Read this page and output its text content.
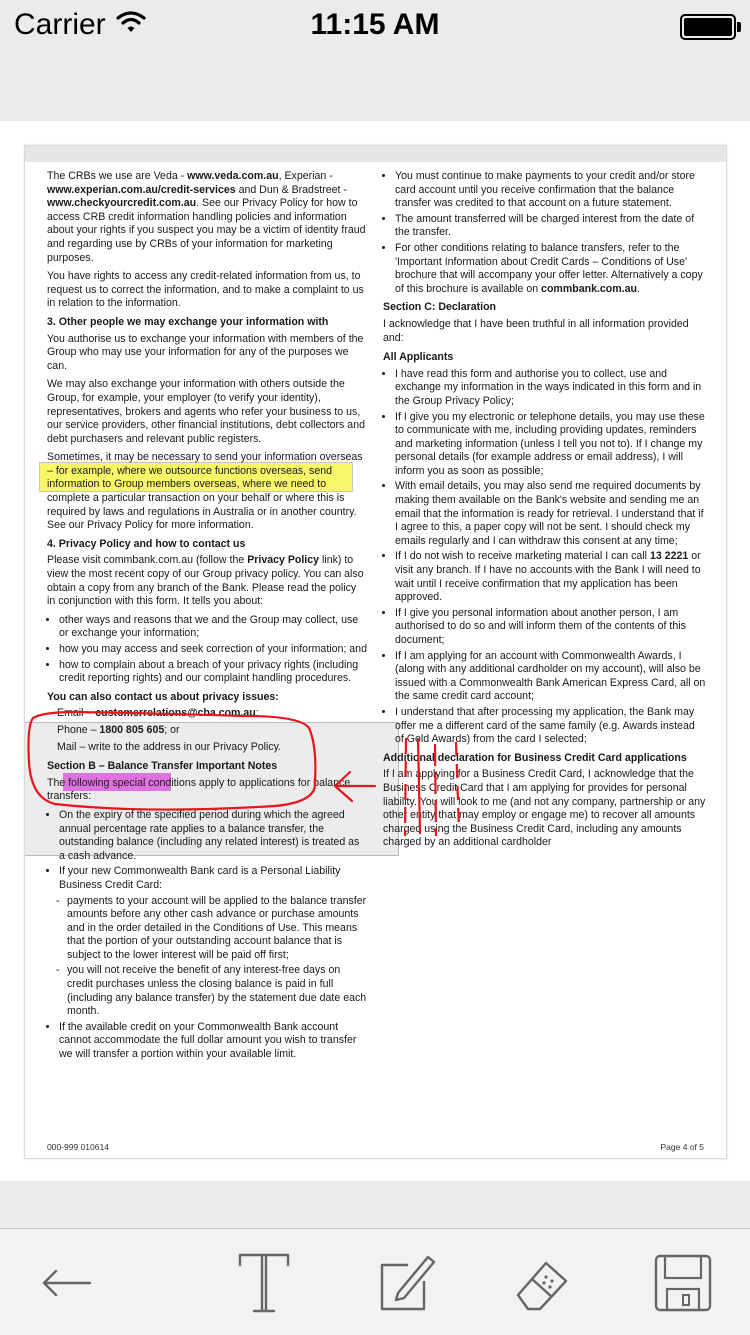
Carrier	11:15 AM

The CRBs we use are Veda - www.veda.com.au, Experian - www.experian.com.au/credit-services and Dun & Bradstreet - www.checkyourcredit.com.au. See our Privacy Policy for how to access CRB credit information handling policies and information about your rights if you suspect you may be a victim of identity fraud and regarding use by CRBs of your information for marketing purposes.

You have rights to access any credit-related information from us, to request us to correct the information, and to make a complaint to us in relation to the information.

3. Other people we may exchange your information with

You authorise us to exchange your information with members of the Group who may use your information for any of the purposes we can.

We may also exchange your information with others outside the Group, for example, your employer (to verify your identity), representatives, brokers and agents who refer your business to us, our service providers, other financial institutions, debt collectors and debt purchasers and relevant public registers.

Sometimes, it may be necessary to send your information overseas – for example, where we outsource functions overseas, send information to Group members overseas, where we need to complete a particular transaction on your behalf or where this is required by laws and regulations in Australia or in another country. See our Privacy Policy for more information.

4. Privacy Policy and how to contact us

Please visit commbank.com.au (follow the Privacy Policy link) to view the most recent copy of our Group privacy policy. You can also obtain a copy from any branch of the Bank. Please read the policy in conjunction with this form. It tells you about:

• other ways and reasons that we and the Group may collect, use or exchange your information;
• how you may access and seek correction of your information; and
• how to complain about a breach of your privacy rights (including credit reporting rights) and our complaint handling procedures.

You can also contact us about privacy issues:

Email – customerrelations@cba.com.au;
Phone – 1800 805 605; or
Mail – write to the address in our Privacy Policy.

Section B – Balance Transfer Important Notes

The following special conditions apply to applications for balance transfers:

• On the expiry of the specified period during which the agreed annual percentage rate applies to a balance transfer, the outstanding balance (including any related interest) is treated as a cash advance.
• If your new Commonwealth Bank card is a Personal Liability Business Credit Card:
- payments to your account will be applied to the balance transfer amounts before any other cash advance or purchase amounts and in the order detailed in the Conditions of Use. This means that the portion of your outstanding account balance that is subject to the lower interest will be paid off first;
- you will not receive the benefit of any interest-free days on credit purchases unless the closing balance is paid in full (including any balance transfer) by the statement due date each month.
• If the available credit on your Commonwealth Bank account cannot accommodate the full dollar amount you wish to transfer we will transfer a portion within your available limit.
• You must continue to make payments to your credit and/or store card account until you receive confirmation that the balance transfer was credited to that account on a future statement.
• The amount transferred will be charged interest from the date of the transfer.
• For other conditions relating to balance transfers, refer to the 'Important Information about Credit Cards – Conditions of Use' brochure that will accompany your offer letter. Alternatively a copy of this brochure is available on commbank.com.au.

Section C: Declaration

I acknowledge that I have been truthful in all information provided and:

All Applicants

• I have read this form and authorise you to collect, use and exchange my information in the ways indicated in this form and in the Group Privacy Policy;
• If I give you my electronic or telephone details, you may use these to communicate with me, including providing updates, reminders and marketing information (unless I tell you not to). If I change my personal details (for example address or email address), I will inform you as soon as possible;
• With email details, you may also send me required documents by making them available on the Bank's website and sending me an email that the information is ready for retrieval. I understand that if I agree to this, a paper copy will not be sent. I should check my emails regularly and I can withdraw this consent at any time;
• If I do not wish to receive marketing material I can call 13 2221 or visit any branch. If I have no accounts with the Bank I will need to wait until I receive confirmation that my application has been approved.
• If I give you personal information about another person, I am authorised to do so and will inform them of the contents of this document;
• If I am applying for an account with Commonwealth Awards, I (along with any additional cardholder on my account), will also be issued with a Commonwealth Bank American Express Card, all on the same credit card account;
• I understand that after processing my application, the Bank may offer me a different card of the same family (e.g. Awards instead of Gold Awards) from the card I selected;

Additional declaration for Business Credit Card applications

If I am applying for a Business Credit Card, I acknowledge that the Business Credit Card that I am applying for provides for personal liability. You will look to me (and not any company, partnership or any other entity that may employ or engage me) to recover all amounts charged using the Business Credit Card, including any amounts charged by an additional cardholder

000-999 010614	Page 4 of 5
